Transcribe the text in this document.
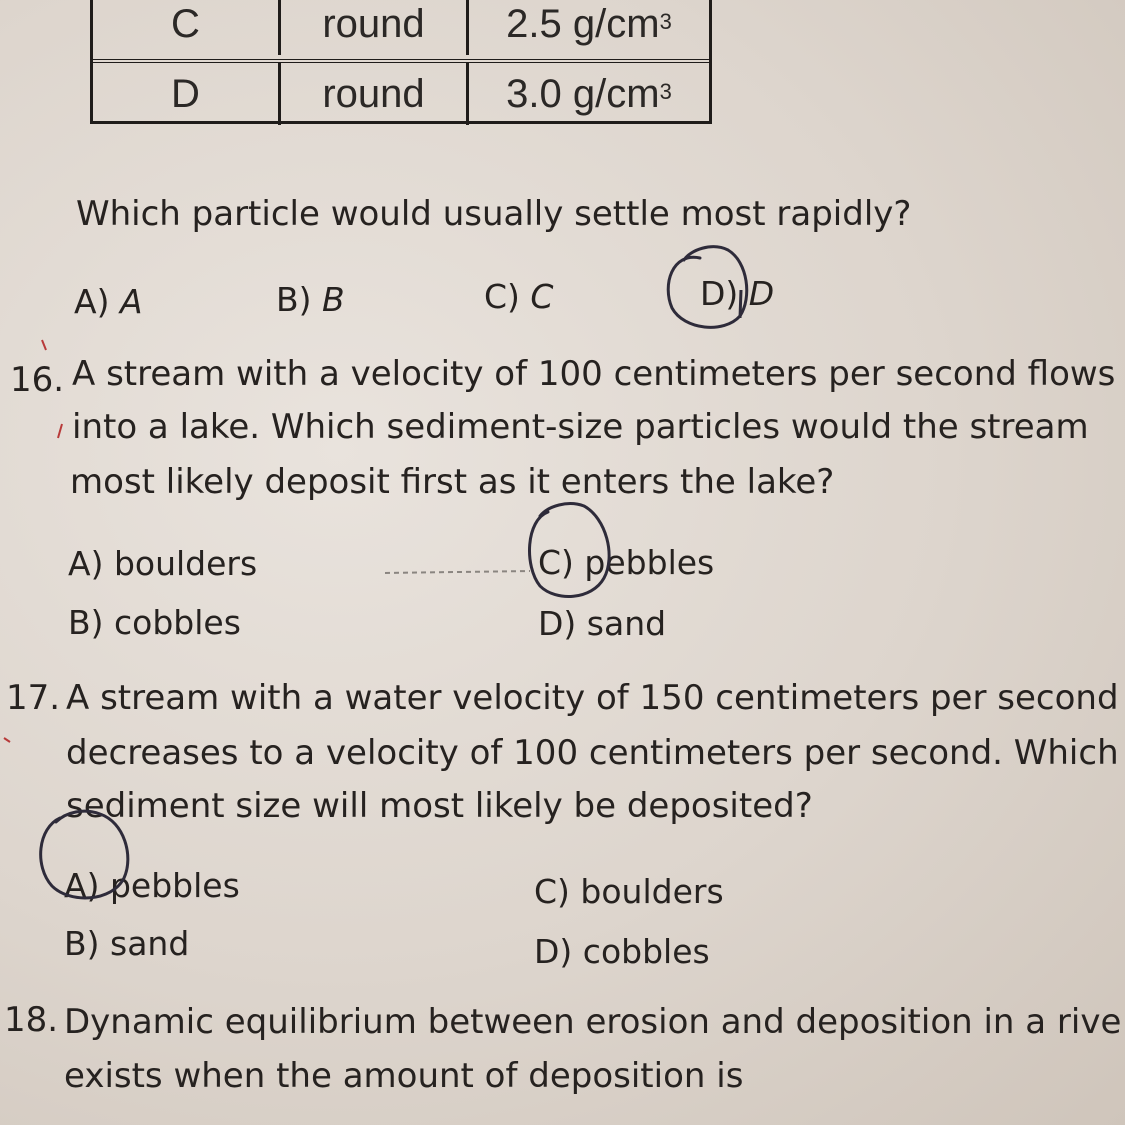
C	round	2.5 $g/cm^3$
D	round	3.0 $g/cm^3$
Which particle would usually settle most rapidly?
A) A	B) B	C) C	D) D
16. A stream with a velocity of 100 centimeters per second flows
into a lake. Which sediment-size particles would the stream
most likely deposit first as it enters the lake?
A) boulders	C) pebbles
B) cobbles	D) sand
17. A stream with a water velocity of 150 centimeters per second
decreases to a velocity of 100 centimeters per second. Which
sediment size will most likely be deposited?
A) pebbles	C) boulders
B) sand	D) cobbles
18. Dynamic equilibrium between erosion and deposition in a rive
exists when the amount of deposition is
